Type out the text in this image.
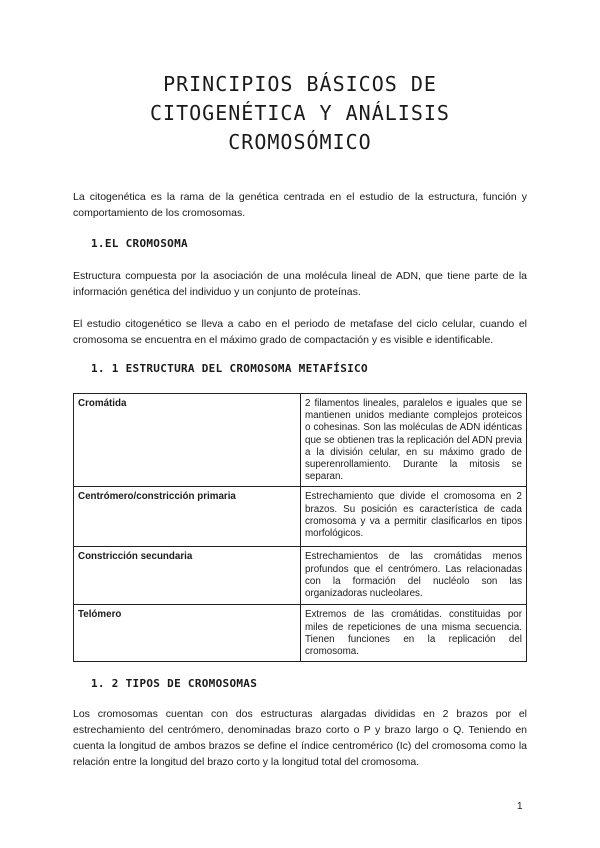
PRINCIPIOS BÁSICOS DE
CITOGENÉTICA Y ANÁLISIS
CROMOSÓMICO

La citogenética es la rama de la genética centrada en el estudio de la estructura, función y comportamiento de los cromosomas.

1.EL CROMOSOMA

Estructura compuesta por la asociación de una molécula lineal de ADN, que tiene parte de la información genética del individuo y un conjunto de proteínas.

El estudio citogenético se lleva a cabo en el periodo de metafase del ciclo celular, cuando el cromosoma se encuentra en el máximo grado de compactación y es visible e identificable.

1. 1 ESTRUCTURA DEL CROMOSOMA METAFÍSICO

Cromátida	2 filamentos lineales, paralelos e iguales que se mantienen unidos mediante complejos proteicos o cohesinas. Son las moléculas de ADN idénticas que se obtienen tras la replicación del ADN previa a la división celular, en su máximo grado de superenrollamiento. Durante la mitosis se separan.
Centrómero/constricción primaria	Estrechamiento que divide el cromosoma en 2 brazos. Su posición es característica de cada cromosoma y va a permitir clasificarlos en tipos morfológicos.
Constricción secundaria	Estrechamientos de las cromátidas menos profundos que el centrómero. Las relacionadas con la formación del nucléolo son las organizadoras nucleolares.
Telómero	Extremos de las cromátidas. constituidas por miles de repeticiones de una misma secuencia. Tienen funciones en la replicación del cromosoma.

1. 2 TIPOS DE CROMOSOMAS

Los cromosomas cuentan con dos estructuras alargadas divididas en 2 brazos por el estrechamiento del centrómero, denominadas brazo corto o P y brazo largo o Q. Teniendo en cuenta la longitud de ambos brazos se define el índice centromérico (Ic) del cromosoma como la relación entre la longitud del brazo corto y la longitud total del cromosoma.

1
